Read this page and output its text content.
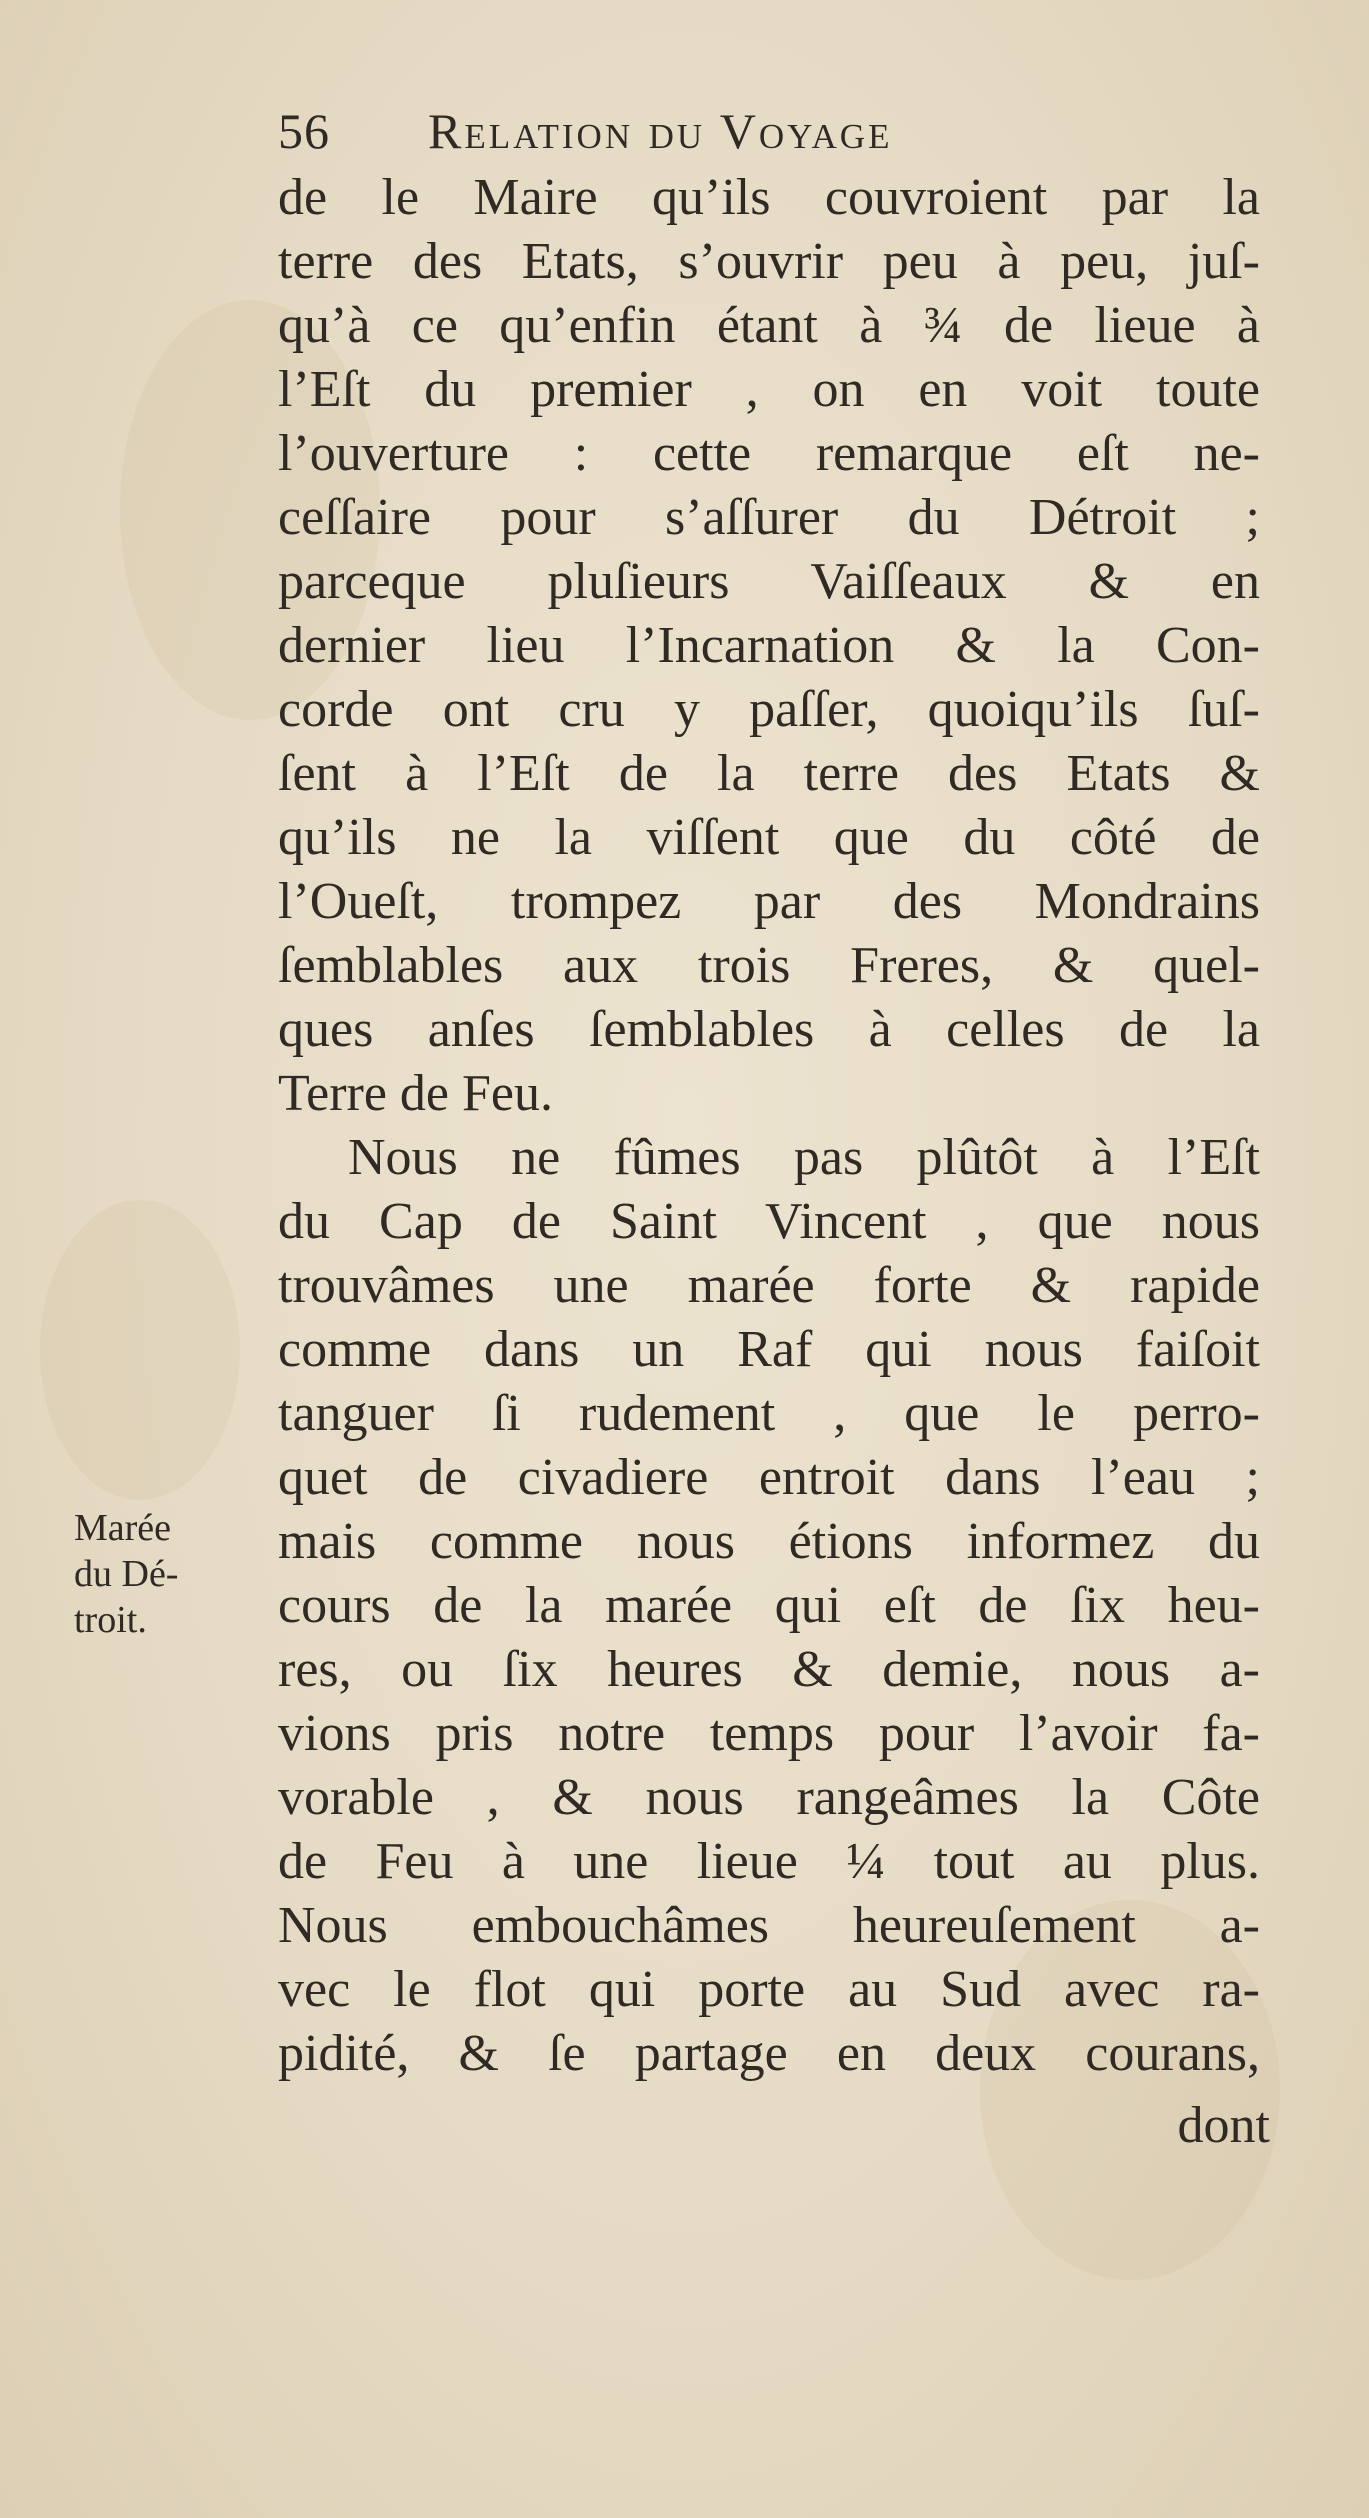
56 Relation du Voyage
de le Maire qu’ils couvroient par la
terre des Etats, s’ouvrir peu à peu, juſ-
qu’à ce qu’enfin étant à ¾ de lieue à
l’Eſt du premier , on en voit toute
l’ouverture : cette remarque eſt ne-
ceſſaire pour s’aſſurer du Détroit ;
parceque pluſieurs Vaiſſeaux & en
dernier lieu l’Incarnation & la Con-
corde ont cru y paſſer, quoiqu’ils ſuſ-
ſent à l’Eſt de la terre des Etats &
qu’ils ne la viſſent que du côté de
l’Oueſt, trompez par des Mondrains
ſemblables aux trois Freres, & quel-
ques anſes ſemblables à celles de la
Terre de Feu.
Nous ne fûmes pas plûtôt à l’Eſt
du Cap de Saint Vincent , que nous
trouvâmes une marée forte & rapide
comme dans un Raf qui nous faiſoit
tanguer ſi rudement , que le perro-
quet de civadiere entroit dans l’eau ;
mais comme nous étions informez du
cours de la marée qui eſt de ſix heu-
res, ou ſix heures & demie, nous a-
vions pris notre temps pour l’avoir fa-
vorable , & nous rangeâmes la Côte
de Feu à une lieue ¼ tout au plus.
Nous embouchâmes heureuſement a-
vec le flot qui porte au Sud avec ra-
pidité, & ſe partage en deux courans,
dont
Marée
du Dé-
troit.
